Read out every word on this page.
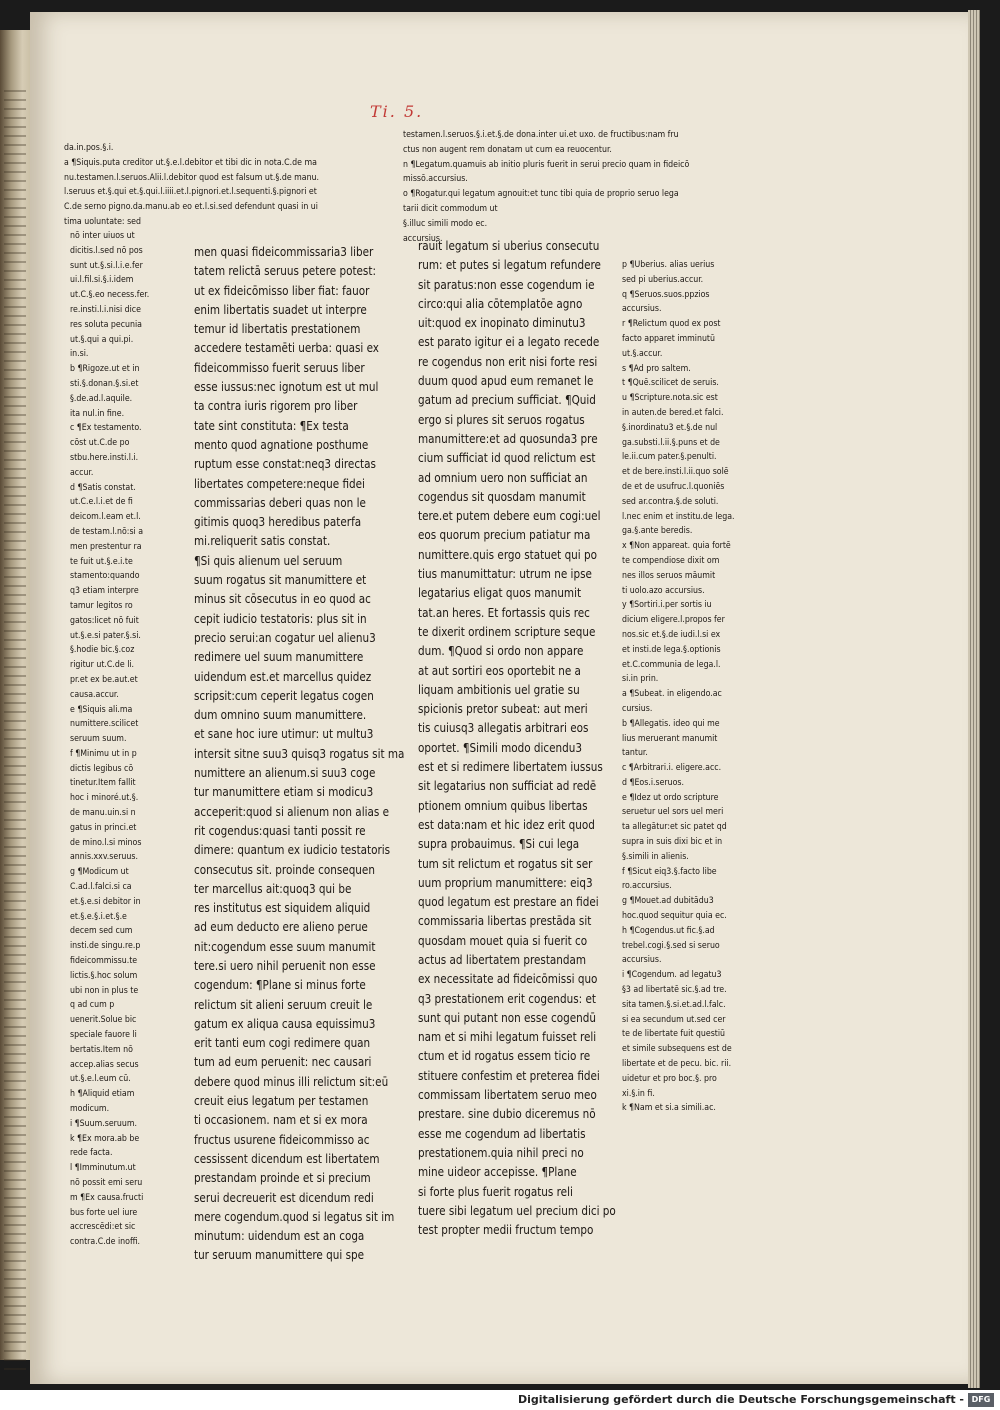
Ti. 5.
da.in.pos.§.i.
a ¶Siquis.puta creditor ut.§.e.l.debitor et tibi dic in nota.C.de ma
nu.testamen.l.seruos.Alii.l.debitor quod est falsum ut.§.de manu.
l.seruus et.§.qui et.§.qui.l.iiii.et.l.pignori.et.l.sequenti.§.pignori et
C.de serno pigno.da.manu.ab eo et.l.si.sed defendunt quasi in ui
tima uoluntate: sed
testamen.l.seruos.§.i.et.§.de dona.inter ui.et uxo. de fructibus:nam fru
ctus non augent rem donatam ut cum ea reuocentur.
n ¶Legatum.quamuis ab initio pluris fuerit in serui precio quam in fideicō
missō.accursius.
o ¶Rogatur.qui legatum agnouit:et tunc tibi quia de proprio seruo lega
tarii dicit commodum ut
§.illuc simili modo ec.
accursius.
nō inter uiuos ut
dicitis.l.sed nō pos
sunt ut.§.si.l.i.e.fer
ui.l.fil.si.§.i.idem
ut.C.§.eo necess.fer.
re.insti.l.i.nisi dice
res soluta pecunia
ut.§.qui a qui.pi.
in.si.
b ¶Rigoze.ut et in
sti.§.donan.§.si.et
§.de.ad.l.aquile.
ita nul.in fine.
c ¶Ex testamento.
cōst ut.C.de po
stbu.here.insti.l.i.
accur.
d ¶Satis constat.
ut.C.e.l.i.et de fi
deicom.l.eam et.l.
de testam.l.nō:si a
men prestentur ra
te fuit ut.§.e.i.te
stamento:quando
q3 etiam interpre
tamur legitos ro
gatos:licet nō fuit
ut.§.e.si pater.§.si.
§.hodie bic.§.coz
rigitur ut.C.de li.
pr.et ex be.aut.et
causa.accur.
e ¶Siquis ali.ma
numittere.scilicet
seruum suum.
f ¶Minimu ut in p
dictis legibus cō
tinetur.Item fallit
hoc i minoré.ut.§.
de manu.uin.si n
gatus in princi.et
de mino.l.si minos
annis.xxv.seruus.
g ¶Modicum ut
C.ad.l.falci.si ca
et.§.e.si debitor in
et.§.e.§.i.et.§.e
decem sed cum
insti.de singu.re.p
fideicommissu.te
lictis.§.hoc solum
ubi non in plus te
q ad cum p
uenerit.Solue bic
speciale fauore li
bertatis.Item nō
accep.alias secus
ut.§.e.l.eum cū.
h ¶Aliquid etiam
modicum.
i ¶Suum.seruum.
k ¶Ex mora.ab be
rede facta.
l ¶Imminutum.ut
nō possit emi seru
m ¶Ex causa.fructi
bus forte uel iure
accrescēdi:et sic
contra.C.de inoffi.
men quasi fideicommissaria3 liber
tatem relictā seruus petere potest:
ut ex fideicōmisso liber fiat: fauor
enim libertatis suadet ut interpre
temur id libertatis prestationem
accedere testamēti uerba: quasi ex
fideicommisso fuerit seruus liber
esse iussus:nec ignotum est ut mul
ta contra iuris rigorem pro liber
tate sint constituta: ¶Ex testa
mento quod agnatione posthume
ruptum esse constat:neq3 directas
libertates competere:neque fidei
commissarias deberi quas non le
gitimis quoq3 heredibus paterfa
mi.reliquerit satis constat.
¶Si quis alienum uel seruum
suum rogatus sit manumittere et
minus sit cōsecutus in eo quod ac
cepit iudicio testatoris: plus sit in
precio serui:an cogatur uel alienu3
redimere uel suum manumittere
uidendum est.et marcellus quidez
scripsit:cum ceperit legatus cogen
dum omnino suum manumittere.
et sane hoc iure utimur: ut multu3
intersit sitne suu3 quisq3 rogatus sit ma
numittere an alienum.si suu3 coge
tur manumittere etiam si modicu3
acceperit:quod si alienum non alias e
rit cogendus:quasi tanti possit re
dimere: quantum ex iudicio testatoris
consecutus sit. proinde consequen
ter marcellus ait:quoq3 qui be
res institutus est siquidem aliquid
ad eum deducto ere alieno perue
nit:cogendum esse suum manumit
tere.si uero nihil peruenit non esse
cogendum: ¶Plane si minus forte
relictum sit alieni seruum creuit le
gatum ex aliqua causa equissimu3
erit tanti eum cogi redimere quan
tum ad eum peruenit: nec causari
debere quod minus illi relictum sit:eū
creuit eius legatum per testamen
ti occasionem. nam et si ex mora
fructus usurene fideicommisso ac
cessissent dicendum est libertatem
prestandam proinde et si precium
serui decreuerit est dicendum redi
mere cogendum.quod si legatus sit im
minutum: uidendum est an coga
tur seruum manumittere qui spe
rauit legatum si uberius consecutu
rum: et putes si legatum refundere
sit paratus:non esse cogendum ie
circo:qui alia cōtemplatōe agno
uit:quod ex inopinato diminutu3
est parato igitur ei a legato recede
re cogendus non erit nisi forte resi
duum quod apud eum remanet le
gatum ad precium sufficiat. ¶Quid
ergo si plures sit seruos rogatus
manumittere:et ad quosunda3 pre
cium sufficiat id quod relictum est
ad omnium uero non sufficiat an
cogendus sit quosdam manumit
tere.et putem debere eum cogi:uel
eos quorum precium patiatur ma
numittere.quis ergo statuet qui po
tius manumittatur: utrum ne ipse
legatarius eligat quos manumit
tat.an heres. Et fortassis quis rec
te dixerit ordinem scripture seque
dum. ¶Quod si ordo non appare
at aut sortiri eos oportebit ne a
liquam ambitionis uel gratie su
spicionis pretor subeat: aut meri
tis cuiusq3 allegatis arbitrari eos
oportet. ¶Simili modo dicendu3
est et si redimere libertatem iussus
sit legatarius non sufficiat ad redē
ptionem omnium quibus libertas
est data:nam et hic idez erit quod
supra probauimus. ¶Si cui lega
tum sit relictum et rogatus sit ser
uum proprium manumittere: eiq3
quod legatum est prestare an fidei
commissaria libertas prestāda sit
quosdam mouet quia si fuerit co
actus ad libertatem prestandam
ex necessitate ad fideicōmissi quo
q3 prestationem erit cogendus: et
sunt qui putant non esse cogendū
nam et si mihi legatum fuisset reli
ctum et id rogatus essem ticio re
stituere confestim et preterea fidei
commissam libertatem seruo meo
prestare. sine dubio diceremus nō
esse me cogendum ad libertatis
prestationem.quia nihil preci no
mine uideor accepisse. ¶Plane
si forte plus fuerit rogatus reli
tuere sibi legatum uel precium dici po
test propter medii fructum tempo
p ¶Uberius. alias uerius
sed pi uberius.accur.
q ¶Seruos.suos.ppzios
accursius.
r ¶Relictum quod ex post
facto apparet imminutū
ut.§.accur.
s ¶Ad pro saltem.
t ¶Quē.scilicet de seruis.
u ¶Scripture.nota.sic est
in auten.de bered.et falci.
§.inordinatu3 et.§.de nul
ga.substi.l.ii.§.puns et de
le.ii.cum pater.§.penulti.
et de bere.insti.l.ii.quo solē
de et de usufruc.l.quoniēs
sed ar.contra.§.de soluti.
l.nec enim et institu.de lega.
ga.§.ante beredis.
x ¶Non appareat. quia fortē
te compendiose dixit om
nes illos seruos māumit
ti uolo.azo accursius.
y ¶Sortiri.i.per sortis iu
dicium eligere.l.propos fer
nos.sic et.§.de iudi.l.si ex
et insti.de lega.§.optionis
et.C.communia de lega.l.
si.in prin.
a ¶Subeat. in eligendo.ac
cursius.
b ¶Allegatis. ideo qui me
lius meruerant manumit
tantur.
c ¶Arbitrari.i. eligere.acc.
d ¶Eos.i.seruos.
e ¶Idez ut ordo scripture
seruetur uel sors uel meri
ta allegātur:et sic patet qd
supra in suis dixi bic et in
§.simili in alienis.
f ¶Sicut eiq3.§.facto libe
ro.accursius.
g ¶Mouet.ad dubitādu3
hoc.quod sequitur quia ec.
h ¶Cogendus.ut fic.§.ad
trebel.cogi.§.sed si seruo
accursius.
i ¶Cogendum. ad legatu3
§3 ad libertatē sic.§.ad tre.
sita tamen.§.si.et.ad.l.falc.
si ea secundum ut.sed cer
te de libertate fuit questiū
et simile subsequens est de
libertate et de pecu. bic. rii.
uidetur et pro boc.§. pro
xi.§.in fi.
k ¶Nam et si.a simili.ac.
Digitalisierung gefördert durch die Deutsche Forschungsgemeinschaft - DFG
